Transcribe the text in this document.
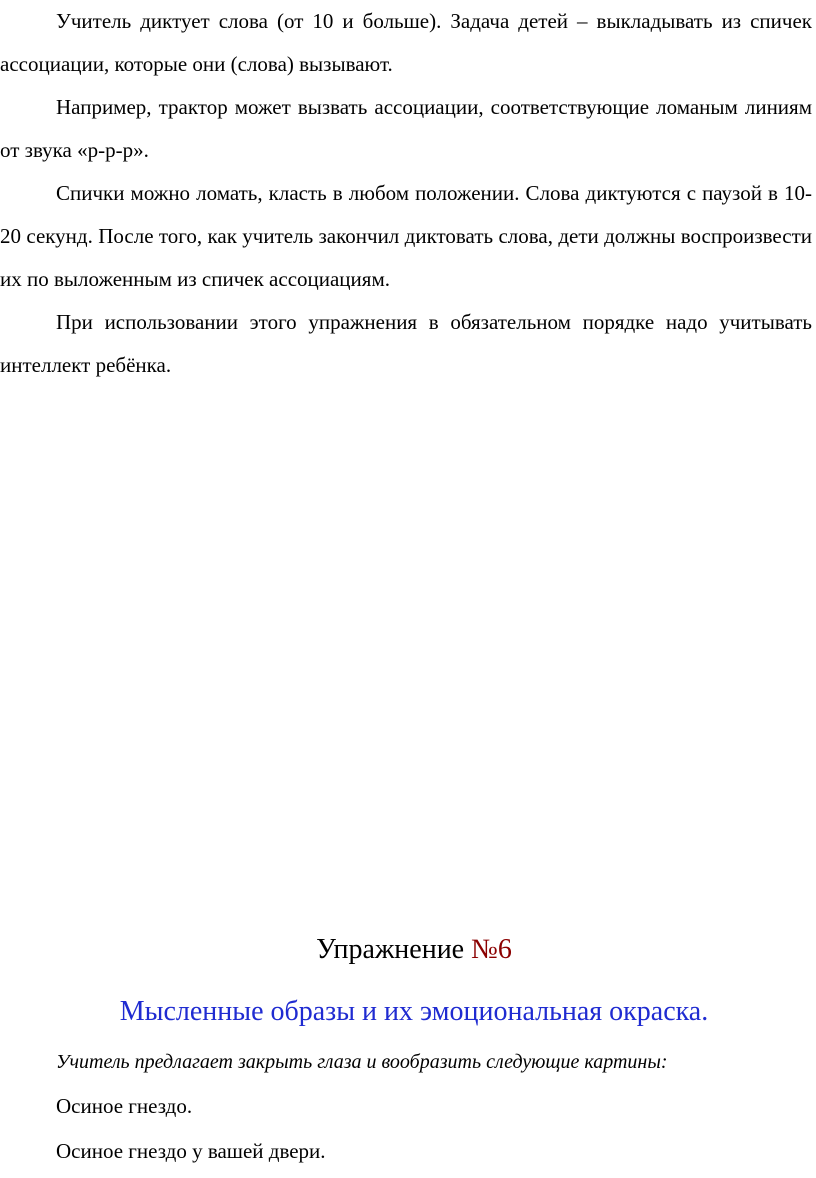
Учитель диктует слова (от 10 и больше). Задача детей – выкладывать из спичек ассоциации, которые они (слова) вызывают.

Например, трактор может вызвать ассоциации, соответствующие ломаным линиям от звука «р-р-р».

Спички можно ломать, класть в любом положении. Слова диктуются с паузой в 10-20 секунд. После того, как учитель закончил диктовать слова, дети должны воспроизвести их по выложенным из спичек ассоциациям.

При использовании этого упражнения в обязательном порядке надо учитывать интеллект ребёнка.

Упражнение №6
Мысленные образы и их эмоциональная окраска.
Учитель предлагает закрыть глаза и вообразить следующие картины:
Осиное гнездо.
Осиное гнездо у вашей двери.
